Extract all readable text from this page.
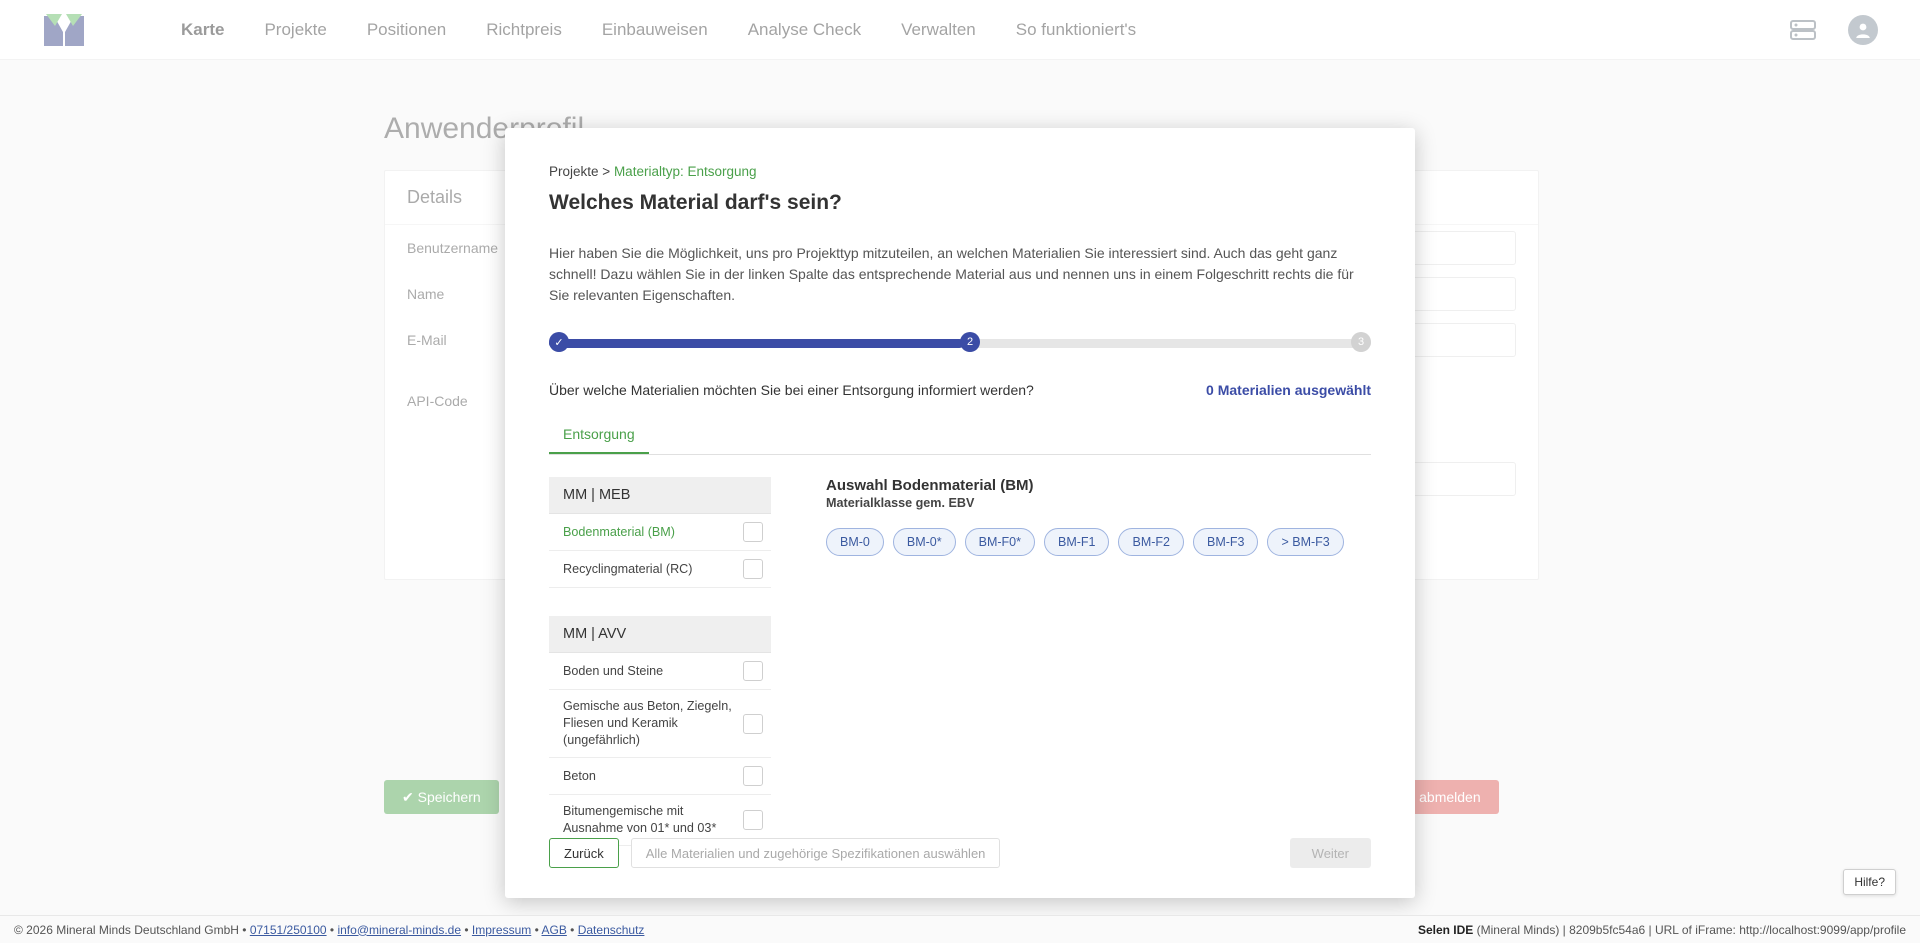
Projekte > Materialtyp: Entsorgung
Welches Material darf's sein?
Hier haben Sie die Möglichkeit, uns pro Projekttyp mitzuteilen, an welchen Materialien Sie interessiert sind. Auch das geht ganz schnell! Dazu wählen Sie in der linken Spalte das entsprechende Material aus und nennen uns in einem Folgeschritt rechts die für Sie relevanten Eigenschaften.
✓	2	3
Über welche Materialien möchten Sie bei einer Entsorgung informiert werden?	0 Materialien ausgewählt
Entsorgung
MM | MEB
Bodenmaterial (BM)
Recyclingmaterial (RC)
MM | AVV
Boden und Steine
Gemische aus Beton, Ziegeln, Fliesen und Keramik (ungefährlich)
Beton
Bitumengemische mit Ausnahme von 01* und 03*
Auswahl Bodenmaterial (BM)
Materialklasse gem. EBV
BM-0	BM-0*	BM-F0*	BM-F1	BM-F2	BM-F3	> BM-F3
Zurück	Alle Materialien und zugehörige Spezifikationen auswählen	Weiter
Hilfe?
© 2026 Mineral Minds Deutschland GmbH • 07151/250100 • info@mineral-minds.de • Impressum • AGB • Datenschutz	Selen IDE (Mineral Minds) | 8209b5fc54a6 | URL of iFrame: http://localhost:9099/app/profile
